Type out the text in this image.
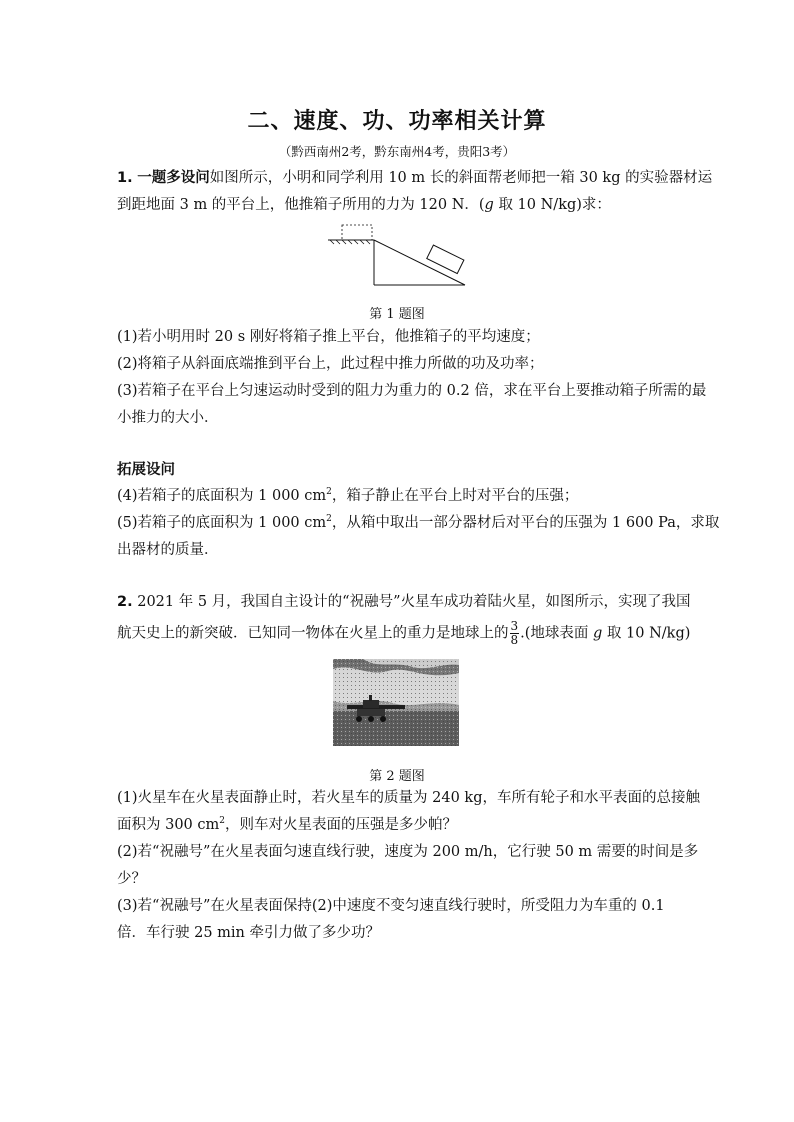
二、速度、功、功率相关计算
（黔西南州2考，黔东南州4考，贵阳3考）
1. 一题多设问如图所示，小明和同学利用 10 m 长的斜面帮老师把一箱 30 kg 的实验器材运
到距地面 3 m 的平台上，他推箱子所用的力为 120 N．(g 取 10 N/kg)求：
第 1 题图
(1)若小明用时 20 s 刚好将箱子推上平台，他推箱子的平均速度；
(2)将箱子从斜面底端推到平台上，此过程中推力所做的功及功率；
(3)若箱子在平台上匀速运动时受到的阻力为重力的 0.2 倍，求在平台上要推动箱子所需的最
小推力的大小．
拓展设问
(4)若箱子的底面积为 1 000 $cm^2$，箱子静止在平台上时对平台的压强；
(5)若箱子的底面积为 1 000 $cm^2$，从箱中取出一部分器材后对平台的压强为 1 600 Pa，求取
出器材的质量．
2. 2021 年 5 月，我国自主设计的“祝融号”火星车成功着陆火星，如图所示，实现了我国
航天史上的新突破．已知同一物体在火星上的重力是地球上的 $\frac{3}{8}$ .(地球表面 g 取 10 N/kg)
第 2 题图
(1)火星车在火星表面静止时，若火星车的质量为 240 kg，车所有轮子和水平表面的总接触
面积为 300 $cm^2$，则车对火星表面的压强是多少帕？
(2)若“祝融号”在火星表面匀速直线行驶，速度为 200 m/h，它行驶 50 m 需要的时间是多
少？
(3)若“祝融号”在火星表面保持(2)中速度不变匀速直线行驶时，所受阻力为车重的 0.1
倍．车行驶 25 min 牵引力做了多少功？
